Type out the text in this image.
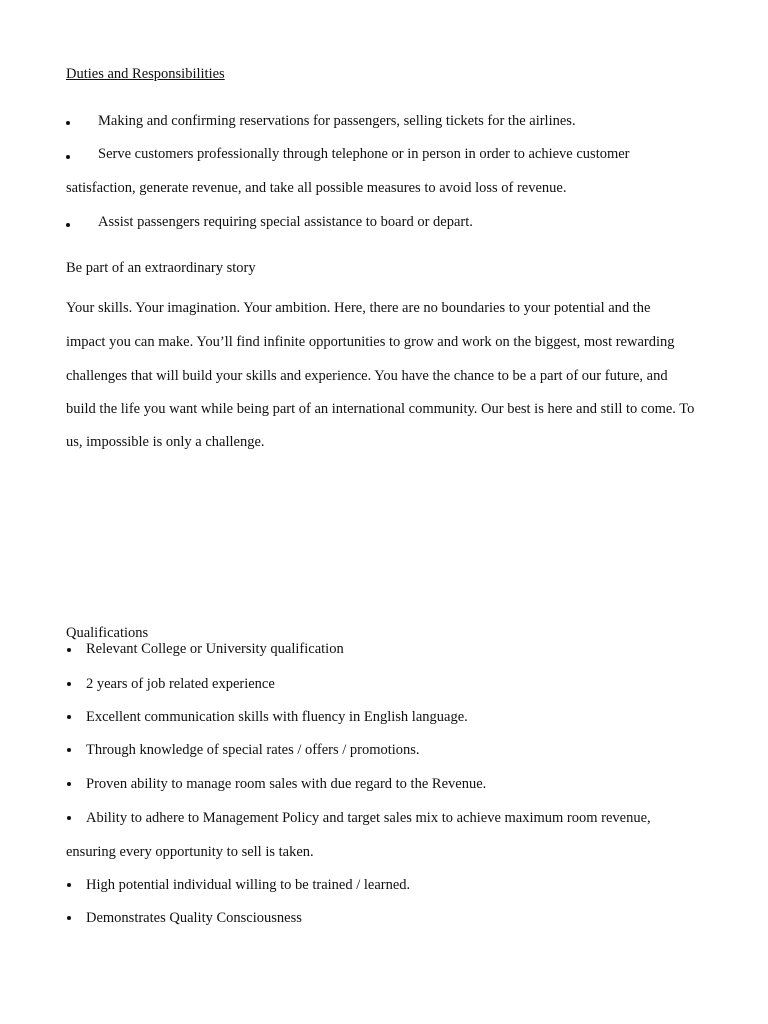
Duties and Responsibilities
Making and confirming reservations for passengers, selling tickets for the airlines.
Serve customers professionally through telephone or in person in order to achieve customer
satisfaction, generate revenue, and take all possible measures to avoid loss of revenue.
Assist passengers requiring special assistance to board or depart.
Be part of an extraordinary story
Your skills. Your imagination. Your ambition. Here, there are no boundaries to your potential and the
impact you can make. You’ll find infinite opportunities to grow and work on the biggest, most rewarding
challenges that will build your skills and experience. You have the chance to be a part of our future, and
build the life you want while being part of an international community. Our best is here and still to come. To
us, impossible is only a challenge.
Qualifications
Relevant College or University qualification
2 years of job related experience
Excellent communication skills with fluency in English language.
Through knowledge of special rates / offers / promotions.
Proven ability to manage room sales with due regard to the Revenue.
Ability to adhere to Management Policy and target sales mix to achieve maximum room revenue,
ensuring every opportunity to sell is taken.
High potential individual willing to be trained / learned.
Demonstrates Quality Consciousness
